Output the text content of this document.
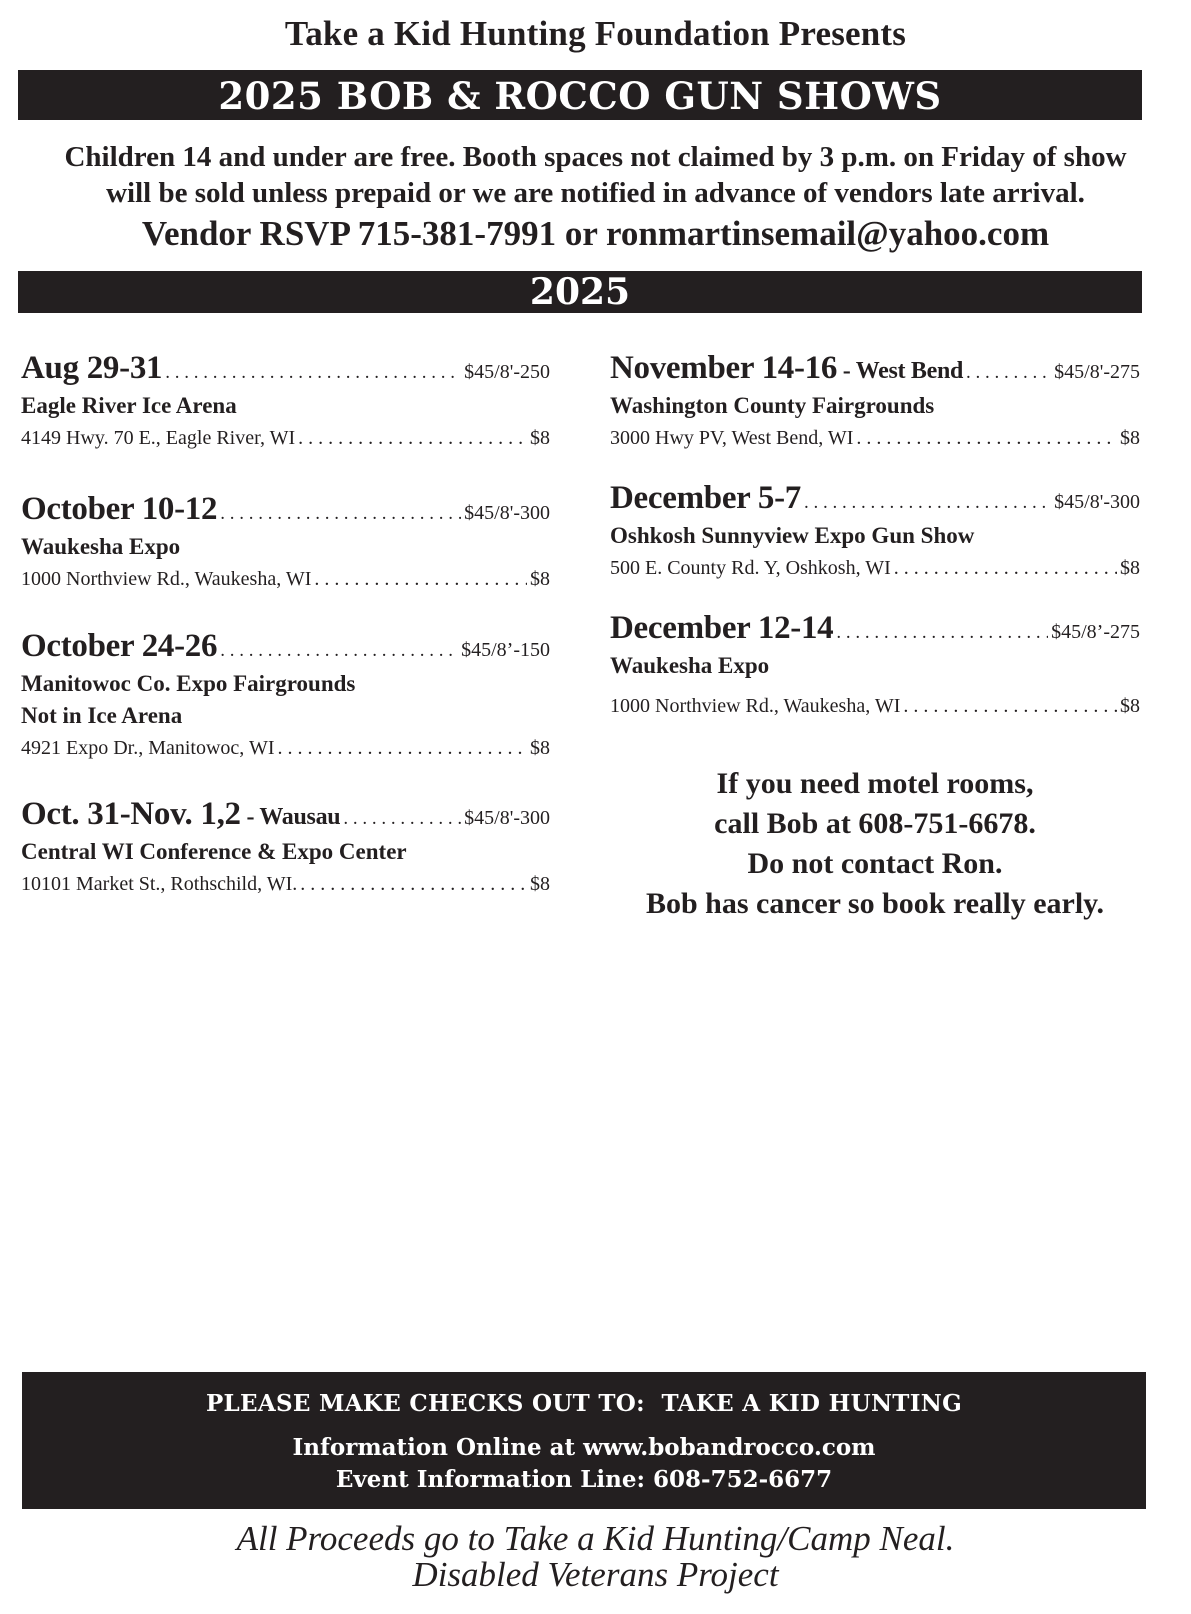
Take a Kid Hunting Foundation Presents
2025 BOB & ROCCO GUN SHOWS
Children 14 and under are free. Booth spaces not claimed by 3 p.m. on Friday of show
will be sold unless prepaid or we are notified in advance of vendors late arrival.
Vendor RSVP 715-381-7991 or ronmartinsemail@yahoo.com
2025
Aug 29-31 . . .	$45/8'-250
Eagle River Ice Arena
4149 Hwy. 70 E., Eagle River, WI . . .	$8
October 10-12 . . .	$45/8'-300
Waukesha Expo
1000 Northview Rd., Waukesha, WI . . .	$8
October 24-26 . . .	$45/8’-150
Manitowoc Co. Expo Fairgrounds
Not in Ice Arena
4921 Expo Dr., Manitowoc, WI . . .	$8
Oct. 31-Nov. 1,2 - Wausau . . .	$45/8'-300
Central WI Conference & Expo Center
10101 Market St., Rothschild, WI. . . .	$8
November 14-16 - West Bend . . .	$45/8'-275
Washington County Fairgrounds
3000 Hwy PV, West Bend, WI . . .	$8
December 5-7 . . .	$45/8'-300
Oshkosh Sunnyview Expo Gun Show
500 E. County Rd. Y, Oshkosh, WI . . .	$8
December 12-14 . . .	$45/8’-275
Waukesha Expo
1000 Northview Rd., Waukesha, WI . . .	$8
If you need motel rooms,
call Bob at 608-751-6678.
Do not contact Ron.
Bob has cancer so book really early.
PLEASE MAKE CHECKS OUT TO:  TAKE A KID HUNTING
Information Online at www.bobandrocco.com
Event Information Line: 608-752-6677
All Proceeds go to Take a Kid Hunting/Camp Neal.
Disabled Veterans Project
